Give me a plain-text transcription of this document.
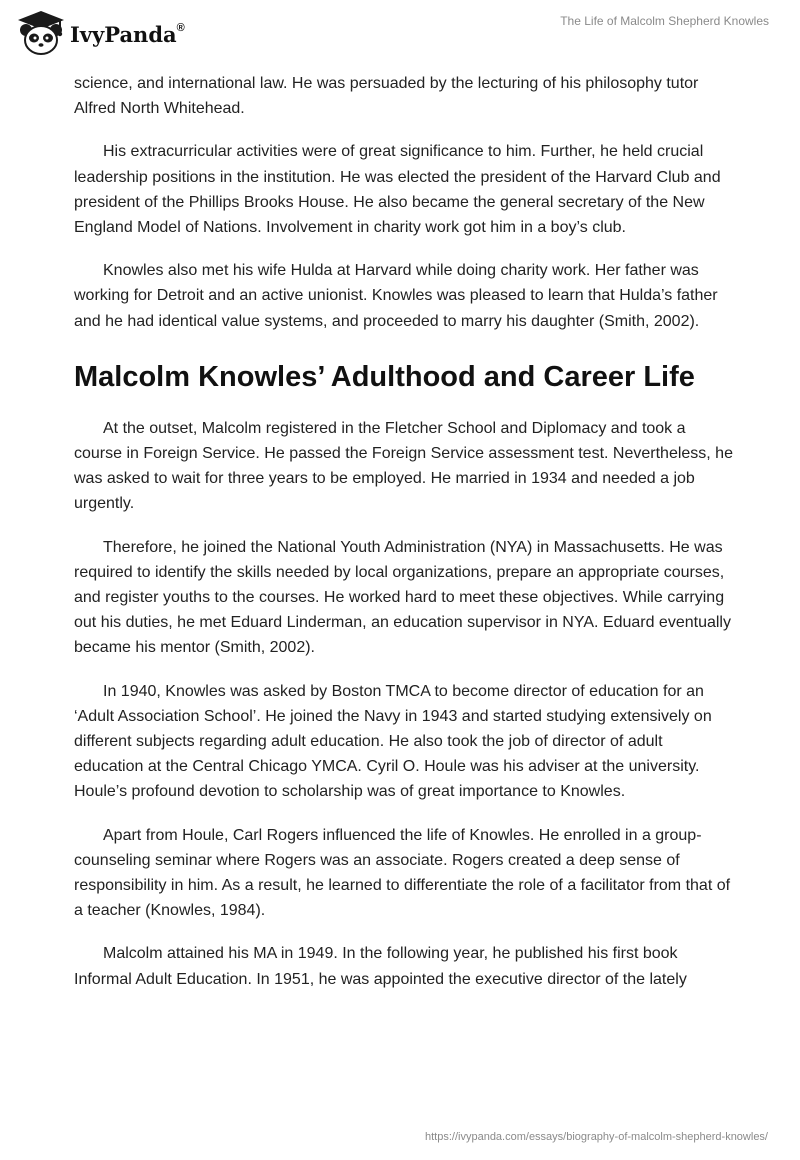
IvyPanda®	The Life of Malcolm Shepherd Knowles

science, and international law. He was persuaded by the lecturing of his philosophy tutor Alfred North Whitehead.

His extracurricular activities were of great significance to him. Further, he held crucial leadership positions in the institution. He was elected the president of the Harvard Club and president of the Phillips Brooks House. He also became the general secretary of the New England Model of Nations. Involvement in charity work got him in a boy’s club.

Knowles also met his wife Hulda at Harvard while doing charity work. Her father was working for Detroit and an active unionist. Knowles was pleased to learn that Hulda’s father and he had identical value systems, and proceeded to marry his daughter (Smith, 2002).

Malcolm Knowles’ Adulthood and Career Life

At the outset, Malcolm registered in the Fletcher School and Diplomacy and took a course in Foreign Service. He passed the Foreign Service assessment test. Nevertheless, he was asked to wait for three years to be employed. He married in 1934 and needed a job urgently.

Therefore, he joined the National Youth Administration (NYA) in Massachusetts. He was required to identify the skills needed by local organizations, prepare an appropriate courses, and register youths to the courses. He worked hard to meet these objectives. While carrying out his duties, he met Eduard Linderman, an education supervisor in NYA. Eduard eventually became his mentor (Smith, 2002).

In 1940, Knowles was asked by Boston TMCA to become director of education for an ‘Adult Association School’. He joined the Navy in 1943 and started studying extensively on different subjects regarding adult education. He also took the job of director of adult education at the Central Chicago YMCA. Cyril O. Houle was his adviser at the university. Houle’s profound devotion to scholarship was of great importance to Knowles.

Apart from Houle, Carl Rogers influenced the life of Knowles. He enrolled in a group-counseling seminar where Rogers was an associate. Rogers created a deep sense of responsibility in him. As a result, he learned to differentiate the role of a facilitator from that of a teacher (Knowles, 1984).

Malcolm attained his MA in 1949. In the following year, he published his first book Informal Adult Education. In 1951, he was appointed the executive director of the lately

https://ivypanda.com/essays/biography-of-malcolm-shepherd-knowles/
